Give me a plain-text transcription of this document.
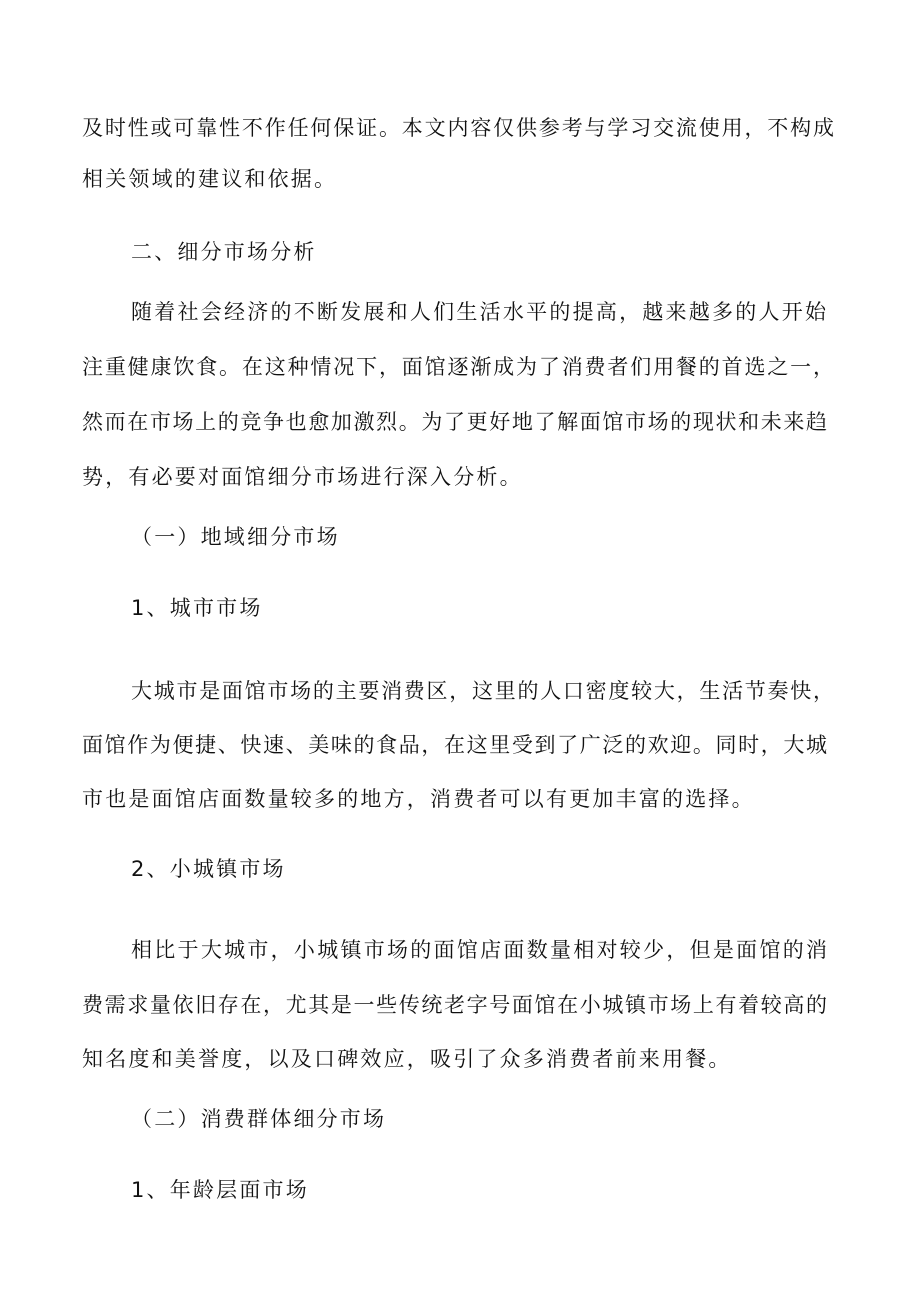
及时性或可靠性不作任何保证。本文内容仅供参考与学习交流使用，不构成
相关领域的建议和依据。
二、细分市场分析
随着社会经济的不断发展和人们生活水平的提高，越来越多的人开始
注重健康饮食。在这种情况下，面馆逐渐成为了消费者们用餐的首选之一，
然而在市场上的竞争也愈加激烈。为了更好地了解面馆市场的现状和未来趋
势，有必要对面馆细分市场进行深入分析。
（一）地域细分市场
1、城市市场
大城市是面馆市场的主要消费区，这里的人口密度较大，生活节奏快，
面馆作为便捷、快速、美味的食品，在这里受到了广泛的欢迎。同时，大城
市也是面馆店面数量较多的地方，消费者可以有更加丰富的选择。
2、小城镇市场
相比于大城市，小城镇市场的面馆店面数量相对较少，但是面馆的消
费需求量依旧存在，尤其是一些传统老字号面馆在小城镇市场上有着较高的
知名度和美誉度，以及口碑效应，吸引了众多消费者前来用餐。
（二）消费群体细分市场
1、年龄层面市场
